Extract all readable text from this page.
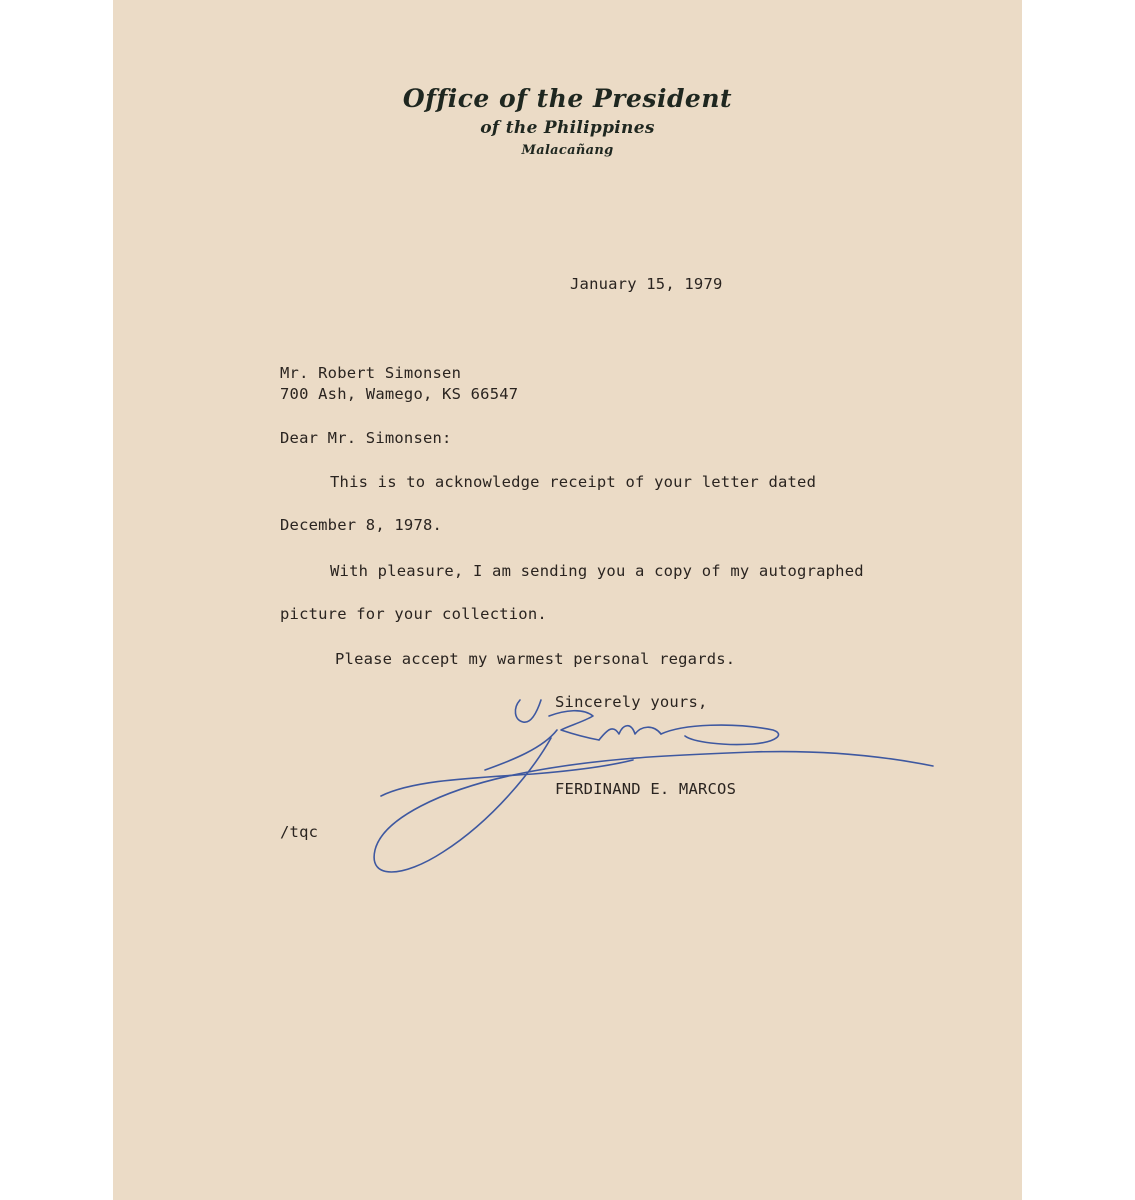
Office of the President
of the Philippines
Malacañang
January 15, 1979
Mr. Robert Simonsen
700 Ash, Wamego, KS 66547
Dear Mr. Simonsen:
This is to acknowledge receipt of your letter dated
December 8, 1978.
With pleasure, I am sending you a copy of my autographed
picture for your collection.
Please accept my warmest personal regards.
Sincerely yours,
FERDINAND E. MARCOS
/tqc
